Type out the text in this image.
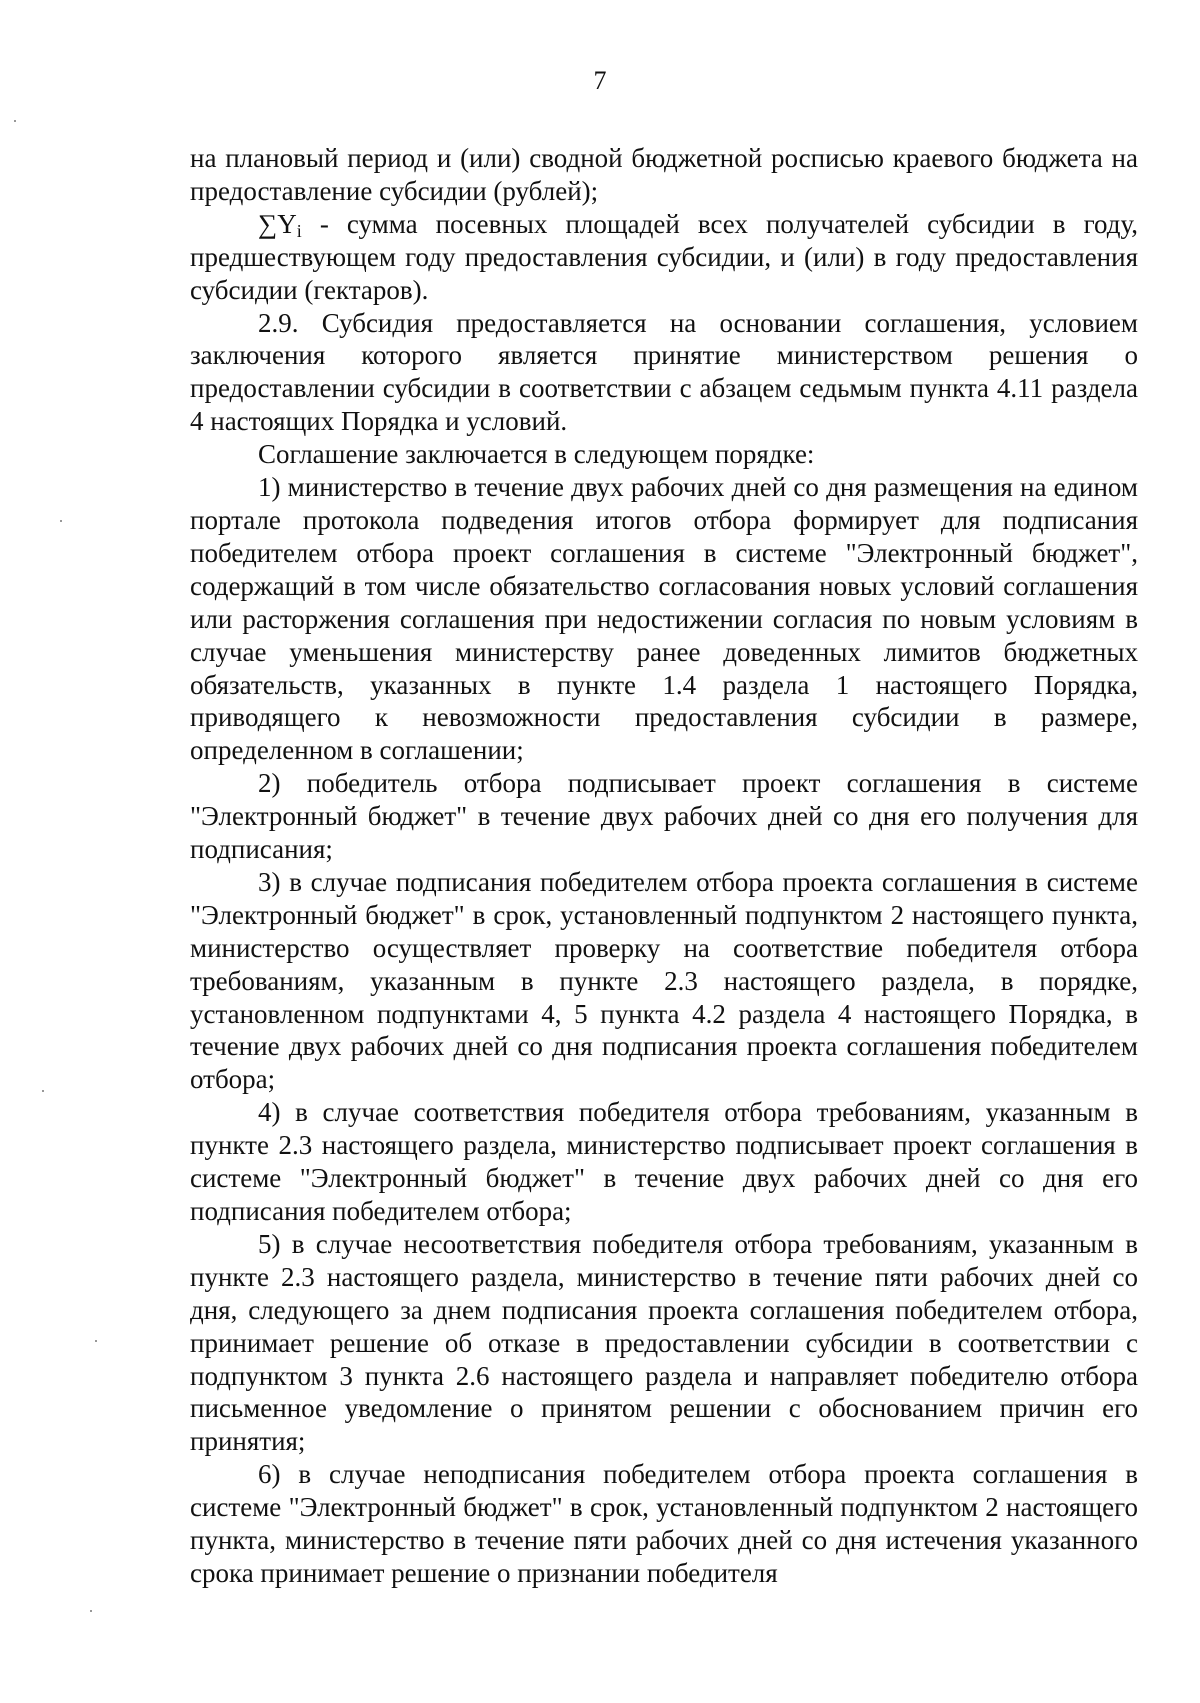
7

на плановый период и (или) сводной бюджетной росписью краевого бюджета на предоставление субсидии (рублей);

$\sum Y_i$ - сумма посевных площадей всех получателей субсидии в году, предшествующем году предоставления субсидии, и (или) в году предоставления субсидии (гектаров).

2.9. Субсидия предоставляется на основании соглашения, условием заключения которого является принятие министерством решения о предоставлении субсидии в соответствии с абзацем седьмым пункта 4.11 раздела 4 настоящих Порядка и условий.

Соглашение заключается в следующем порядке:

1) министерство в течение двух рабочих дней со дня размещения на едином портале протокола подведения итогов отбора формирует для подписания победителем отбора проект соглашения в системе "Электронный бюджет", содержащий в том числе обязательство согласования новых условий соглашения или расторжения соглашения при недостижении согласия по новым условиям в случае уменьшения министерству ранее доведенных лимитов бюджетных обязательств, указанных в пункте 1.4 раздела 1 настоящего Порядка, приводящего к невозможности предоставления субсидии в размере, определенном в соглашении;

2) победитель отбора подписывает проект соглашения в системе "Электронный бюджет" в течение двух рабочих дней со дня его получения для подписания;

3) в случае подписания победителем отбора проекта соглашения в системе "Электронный бюджет" в срок, установленный подпунктом 2 настоящего пункта, министерство осуществляет проверку на соответствие победителя отбора требованиям, указанным в пункте 2.3 настоящего раздела, в порядке, установленном подпунктами 4, 5 пункта 4.2 раздела 4 настоящего Порядка, в течение двух рабочих дней со дня подписания проекта соглашения победителем отбора;

4) в случае соответствия победителя отбора требованиям, указанным в пункте 2.3 настоящего раздела, министерство подписывает проект соглашения в системе "Электронный бюджет" в течение двух рабочих дней со дня его подписания победителем отбора;

5) в случае несоответствия победителя отбора требованиям, указанным в пункте 2.3 настоящего раздела, министерство в течение пяти рабочих дней со дня, следующего за днем подписания проекта соглашения победителем отбора, принимает решение об отказе в предоставлении субсидии в соответствии с подпунктом 3 пункта 2.6 настоящего раздела и направляет победителю отбора письменное уведомление о принятом решении с обоснованием причин его принятия;

6) в случае неподписания победителем отбора проекта соглашения в системе "Электронный бюджет" в срок, установленный подпунктом 2 настоящего пункта, министерство в течение пяти рабочих дней со дня истечения указанного срока принимает решение о признании победителя
